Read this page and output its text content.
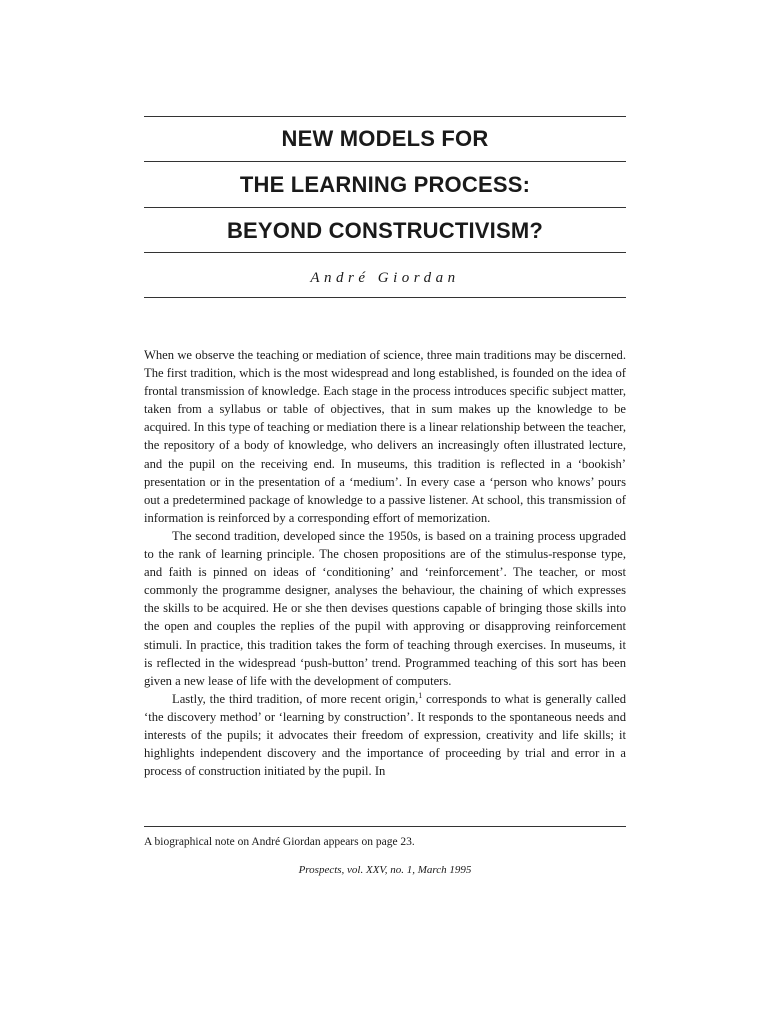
NEW MODELS FOR
THE LEARNING PROCESS:
BEYOND CONSTRUCTIVISM?
André Giordan

When we observe the teaching or mediation of science, three main traditions may be discerned. The first tradition, which is the most widespread and long established, is founded on the idea of frontal transmission of knowledge. Each stage in the process introduces specific subject matter, taken from a syllabus or table of objectives, that in sum makes up the knowledge to be acquired. In this type of teaching or mediation there is a linear relationship between the teacher, the repository of a body of knowledge, who delivers an increasingly often illustrated lecture, and the pupil on the receiving end. In museums, this tradition is reflected in a ‘bookish’ presentation or in the presentation of a ‘medium’. In every case a ‘person who knows’ pours out a predetermined package of knowledge to a passive listener. At school, this transmission of information is reinforced by a corresponding effort of memorization.

The second tradition, developed since the 1950s, is based on a training process upgraded to the rank of learning principle. The chosen propositions are of the stimulus-response type, and faith is pinned on ideas of ‘conditioning’ and ‘reinforcement’. The teacher, or most commonly the programme designer, analyses the behaviour, the chaining of which expresses the skills to be acquired. He or she then devises questions capable of bringing those skills into the open and couples the replies of the pupil with approving or disapproving reinforcement stimuli. In practice, this tradition takes the form of teaching through exercises. In museums, it is reflected in the widespread ‘push-button’ trend. Programmed teaching of this sort has been given a new lease of life with the development of computers.

Lastly, the third tradition, of more recent origin,$^1$ corresponds to what is generally called ‘the discovery method’ or ‘learning by construction’. It responds to the spontaneous needs and interests of the pupils; it advocates their freedom of expression, creativity and life skills; it highlights independent discovery and the importance of proceeding by trial and error in a process of construction initiated by the pupil. In

A biographical note on André Giordan appears on page 23.
Prospects, vol. XXV, no. 1, March 1995
